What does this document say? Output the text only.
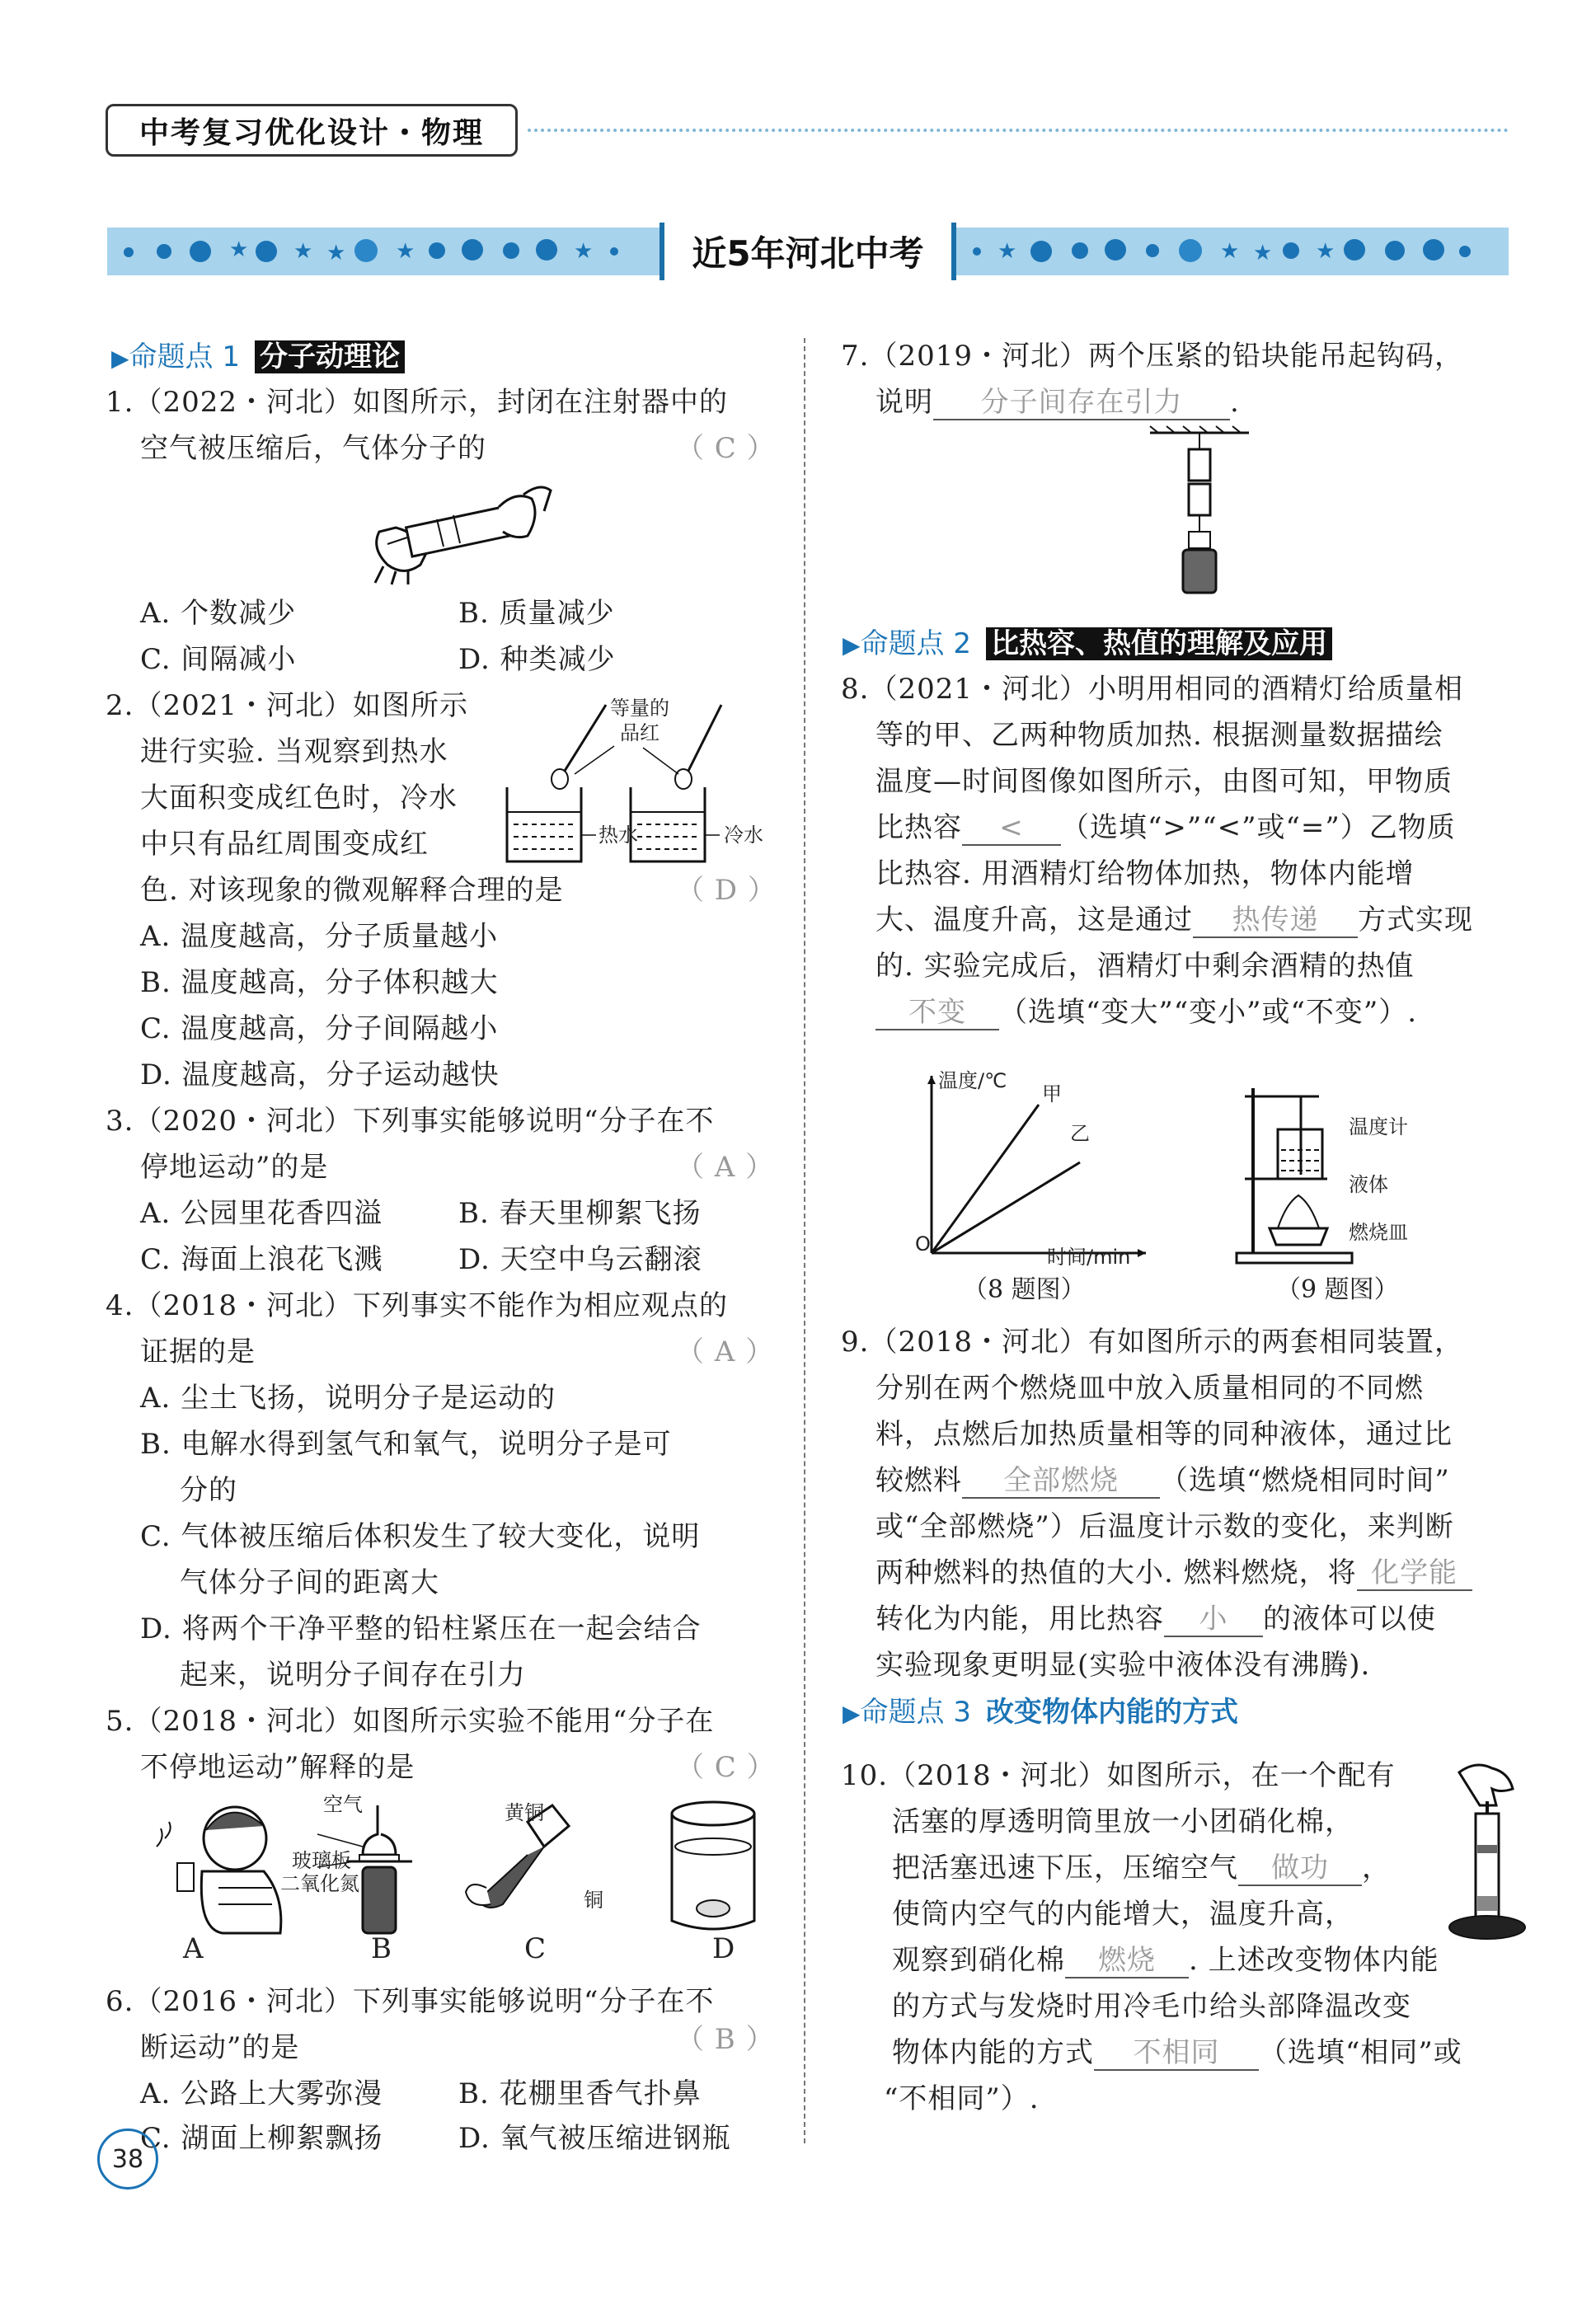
中考复习优化设计・物理
★ ★ ★ ★	★	★	★ ★ ★
近5年河北中考
▶命题点 1 分子动理论
1.（2022・河北）如图所示，封闭在注射器中的
空气被压缩后，气体分子的	（ C ）
A. 个数减少	B. 质量减少
C. 间隔减小	D. 种类减少
2.（2021・河北）如图所示
进行实验. 当观察到热水
大面积变成红色时，冷水
中只有品红周围变成红
色. 对该现象的微观解释合理的是	（ D ）
等量的
品红
热水	冷水
A. 温度越高，分子质量越小
B. 温度越高，分子体积越大
C. 温度越高，分子间隔越小
D. 温度越高，分子运动越快
3.（2020・河北）下列事实能够说明“分子在不
停地运动”的是	（ A ）
A. 公园里花香四溢	B. 春天里柳絮飞扬
C. 海面上浪花飞溅	D. 天空中乌云翻滚
4.（2018・河北）下列事实不能作为相应观点的
证据的是	（ A ）
A. 尘土飞扬，说明分子是运动的
B. 电解水得到氢气和氧气，说明分子是可
分的
C. 气体被压缩后体积发生了较大变化，说明
气体分子间的距离大
D. 将两个干净平整的铅柱紧压在一起会结合
起来，说明分子间存在引力
5.（2018・河北）如图所示实验不能用“分子在
不停地运动”解释的是	（ C ）
空气
玻璃板
二氧化氮
黄铜
铜
A	B	C	D
6.（2016・河北）下列事实能够说明“分子在不
断运动”的是	（ B ）
A. 公路上大雾弥漫	B. 花棚里香气扑鼻
C. 湖面上柳絮飘扬	D. 氧气被压缩进钢瓶
7.（2019・河北）两个压紧的铅块能吊起钩码，
说明 分子间存在引力 .
▶命题点 2 比热容、热值的理解及应用
8.（2021・河北）小明用相同的酒精灯给质量相
等的甲、乙两种物质加热. 根据测量数据描绘
温度—时间图像如图所示，由图可知，甲物质
比热容 < （选填“>”“<”或“=”）乙物质
比热容. 用酒精灯给物体加热，物体内能增
大、温度升高，这是通过 热传递 方式实现
的. 实验完成后，酒精灯中剩余酒精的热值
不变 （选填“变大”“变小”或“不变”）.
温度/℃
甲
乙
O
时间/min
（8 题图）
温度计
液体
燃烧皿
（9 题图）
9.（2018・河北）有如图所示的两套相同装置，
分别在两个燃烧皿中放入质量相同的不同燃
料，点燃后加热质量相等的同种液体，通过比
较燃料 全部燃烧 （选填“燃烧相同时间”
或“全部燃烧”）后温度计示数的变化，来判断
两种燃料的热值的大小. 燃料燃烧，将 化学能
转化为内能，用比热容 小 的液体可以使
实验现象更明显(实验中液体没有沸腾).
▶命题点 3 改变物体内能的方式
10.（2018・河北）如图所示，在一个配有
活塞的厚透明筒里放一小团硝化棉，
把活塞迅速下压，压缩空气 做功 ，
使筒内空气的内能增大，温度升高，
观察到硝化棉 燃烧 . 上述改变物体内能
的方式与发烧时用冷毛巾给头部降温改变
物体内能的方式 不相同 （选填“相同”或
“不相同”）.
38
